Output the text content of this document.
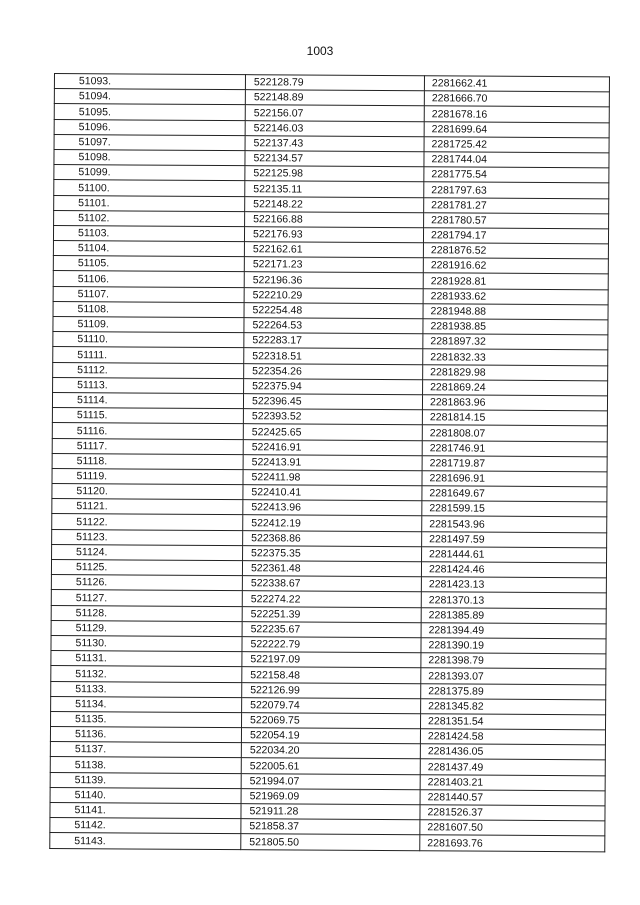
1003
51093.	522128.79	2281662.41
51094.	522148.89	2281666.70
51095.	522156.07	2281678.16
51096.	522146.03	2281699.64
51097.	522137.43	2281725.42
51098.	522134.57	2281744.04
51099.	522125.98	2281775.54
51100.	522135.11	2281797.63
51101.	522148.22	2281781.27
51102.	522166.88	2281780.57
51103.	522176.93	2281794.17
51104.	522162.61	2281876.52
51105.	522171.23	2281916.62
51106.	522196.36	2281928.81
51107.	522210.29	2281933.62
51108.	522254.48	2281948.88
51109.	522264.53	2281938.85
51110.	522283.17	2281897.32
51111.	522318.51	2281832.33
51112.	522354.26	2281829.98
51113.	522375.94	2281869.24
51114.	522396.45	2281863.96
51115.	522393.52	2281814.15
51116.	522425.65	2281808.07
51117.	522416.91	2281746.91
51118.	522413.91	2281719.87
51119.	522411.98	2281696.91
51120.	522410.41	2281649.67
51121.	522413.96	2281599.15
51122.	522412.19	2281543.96
51123.	522368.86	2281497.59
51124.	522375.35	2281444.61
51125.	522361.48	2281424.46
51126.	522338.67	2281423.13
51127.	522274.22	2281370.13
51128.	522251.39	2281385.89
51129.	522235.67	2281394.49
51130.	522222.79	2281390.19
51131.	522197.09	2281398.79
51132.	522158.48	2281393.07
51133.	522126.99	2281375.89
51134.	522079.74	2281345.82
51135.	522069.75	2281351.54
51136.	522054.19	2281424.58
51137.	522034.20	2281436.05
51138.	522005.61	2281437.49
51139.	521994.07	2281403.21
51140.	521969.09	2281440.57
51141.	521911.28	2281526.37
51142.	521858.37	2281607.50
51143.	521805.50	2281693.76
